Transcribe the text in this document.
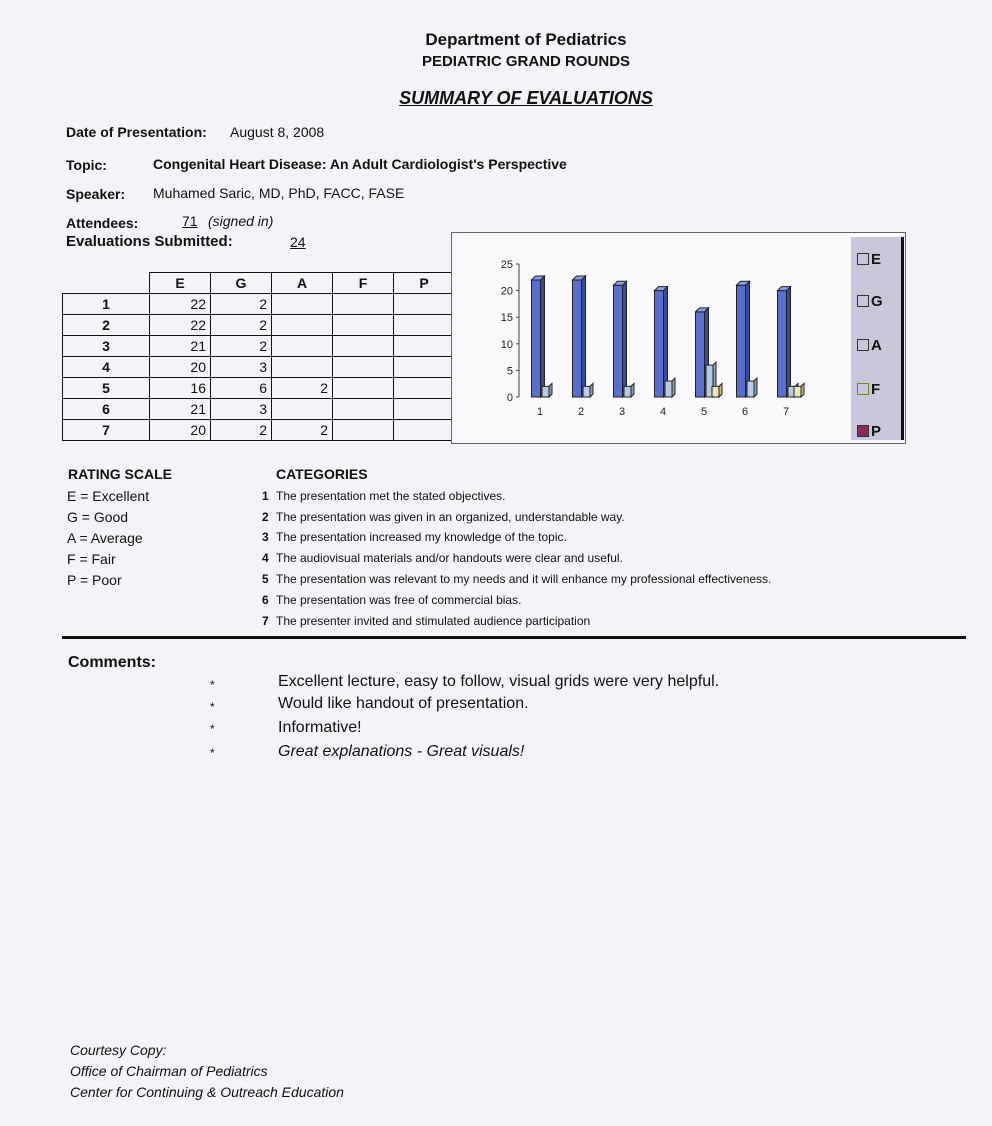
Department of Pediatrics
PEDIATRIC GRAND ROUNDS
SUMMARY OF EVALUATIONS
Date of Presentation: August 8, 2008
Topic:	Congenital Heart Disease: An Adult Cardiologist's Perspective
Speaker: Muhamed Saric, MD, PhD, FACC, FASE
Attendees:	71 (signed in)
Evaluations Submitted:	24
	E	G	A	F	P
1	22	2			
2	22	2			
3	21	2			
4	20	3			
5	16	6	2		
6	21	3			
7	20	2	2		
0
5
10
15
20
25
1	2	3	4	5	6	7
E
G
A
F
P
RATING SCALE
E = Excellent
G = Good
A = Average
F = Fair
P = Poor
CATEGORIES
1 The presentation met the stated objectives.
2 The presentation was given in an organized, understandable way.
3 The presentation increased my knowledge of the topic.
4 The audiovisual materials and/or handouts were clear and useful.
5 The presentation was relevant to my needs and it will enhance my professional effectiveness.
6 The presentation was free of commercial bias.
7 The presenter invited and stimulated audience participation
Comments:
*	Excellent lecture, easy to follow, visual grids were very helpful.
*	Would like handout of presentation.
*	Informative!
*	Great explanations - Great visuals!
Courtesy Copy:
Office of Chairman of Pediatrics
Center for Continuing & Outreach Education
